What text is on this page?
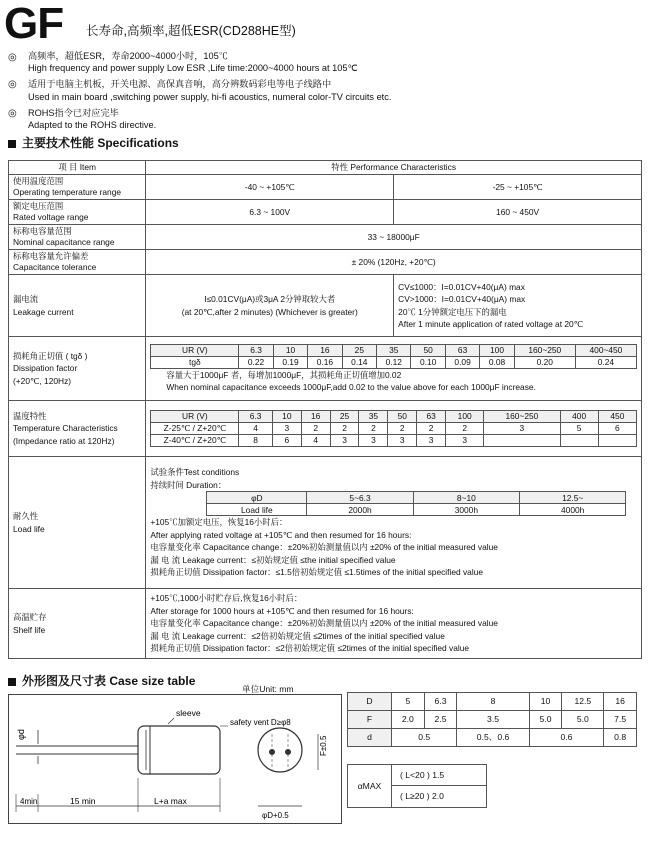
GF 长寿命,高频率,超低ESR(CD288HE型)
◎ 高频率，超低ESR，寿命2000~4000小时，105℃
High frequency and power supply Low ESR ,Life time:2000~4000 hours at 105℃
◎ 适用于电脑主机板，开关电源、高保真音响，高分辨数码彩电等电子线路中
Used in main board ,switching power supply, hi-fi acoustics, numeral color-TV circuits etc.
◎ ROHS指令已对应完毕
Adapted to the ROHS directive.
主要技术性能 Specifications
项 目 Item	特性 Performance Characteristics

使用温度范围
Operating temperature range
	-40 ~ +105℃	-25 ~ +105℃

额定电压范围
Rated voltage range
	6.3 ~ 100V	160 ~ 450V

标称电容量范围
Nominal capacitance range
	33 ~ 18000μF

标称电容量允许偏差
Capacitance tolerance
	± 20% (120Hz, +20℃)

漏电流
Leakage current

I≤0.01CV(μA)或3μA 2分钟取较大者
(at 20℃,after 2 minutes) (Whichever is greater)

CV≤1000：I=0.01CV+40(μA) max
CV>1000：I=0.01CV+40(μA) max
20℃ 1分钟额定电压下的漏电
After 1 minute application of rated voltage at 20℃

损耗角正切值 ( tgδ )
Dissipation factor
(+20℃, 120Hz)

UR (V)	6.3	10	16	25	35	50	63	100	160~250	400~450
tgδ	0.22	0.19	0.16	0.14	0.12	0.10	0.09	0.08	0.20	0.24
容量大于1000μF 者，每增加1000μF，其损耗角正切值增加0.02
When nominal capacitance exceeds 1000μF,add 0.02 to the value above for each 1000μF increase.

温度特性
Temperature Characteristics
(Impedance ratio at 120Hz)

UR (V)	6.3	10	16	25	35	50	63	100	160~250	400	450
Z-25℃ / Z+20℃	4	3	2	2	2	2	2	2	3	5	6
Z-40℃ / Z+20℃	8	6	4	3	3	3	3	3			

耐久性
Load life

试验条件Test conditions
持续时间 Duration：
φD	5~6.3	8~10	12.5~
Load life	2000h	3000h	4000h
+105℃加额定电压，恢复16小时后：
After applying rated voltage at +105℃ and then resumed for 16 hours:
电容量变化率 Capacitance change：±20%初始测量值以内 ±20% of the initial measured value
漏 电 流 Leakage current：≤初始规定值 ≤the initial specified value
损耗角正切值 Dissipation factor：≤1.5倍初始规定值 ≤1.5times of the initial specified value

高温贮存
Shelf life

+105℃,1000小时贮存后,恢复16小时后：
After storage for 1000 hours at +105℃ and then resumed for 16 hours:
电容量变化率 Capacitance change：±20%初始测量值以内 ±20% of the initial measured value
漏 电 流 Leakage current：≤2倍初始规定值 ≤2times of the initial specified value
损耗角正切值 Dissipation factor：≤2倍初始规定值 ≤2times of the initial specified value
外形图及尺寸表 Case size table
单位Unit: mm
φd
sleeve
safety vent D≥φ8
F±0.5
4min	15 min	L+a max
φD+0.5
D	5	6.3	8	10	12.5	16
F	2.0	2.5	3.5	5.0	5.0	7.5
d	0.5		0.5、0.6	0.6		0.8
αMAX
( L<20 ) 1.5
( L≥20 ) 2.0
